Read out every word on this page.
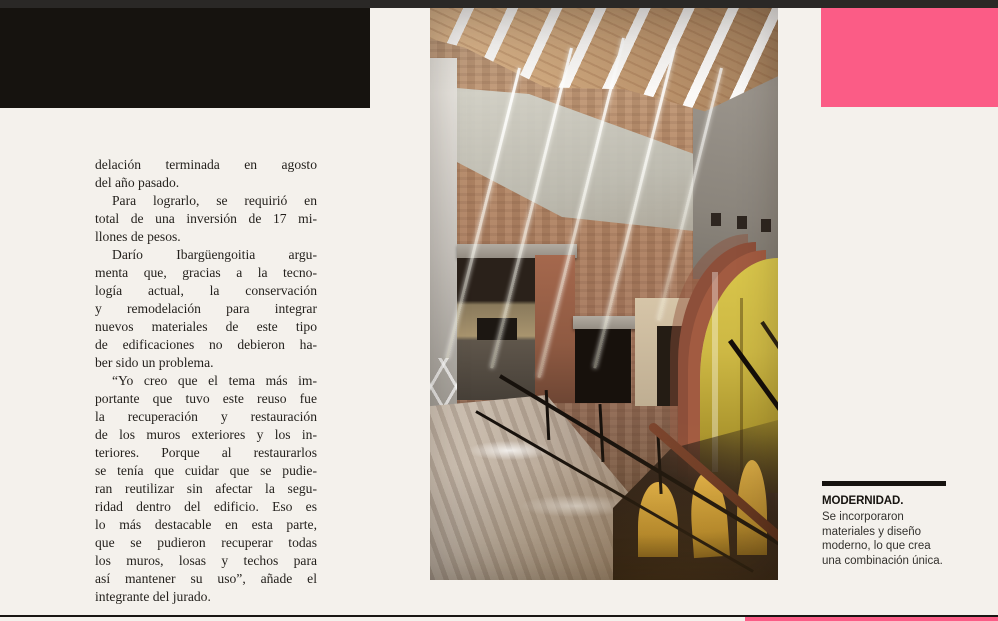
delación terminada en agosto
del año pasado.
Para lograrlo, se requirió en
total de una inversión de 17 mi-
llones de pesos.
Darío Ibargüengoitia argu-
menta que, gracias a la tecno-
logía actual, la conservación
y remodelación para integrar
nuevos materiales de este tipo
de edificaciones no debieron ha-
ber sido un problema.
“Yo creo que el tema más im-
portante que tuvo este reuso fue
la recuperación y restauración
de los muros exteriores y los in-
teriores. Porque al restaurarlos
se tenía que cuidar que se pudie-
ran reutilizar sin afectar la segu-
ridad dentro del edificio. Eso es
lo más destacable en esta parte,
que se pudieron recuperar todas
los muros, losas y techos para
así mantener su uso”, añade el
integrante del jurado.
MODERNIDAD.
Se incorporaron materiales y diseño moderno, lo que crea una combinación única.
